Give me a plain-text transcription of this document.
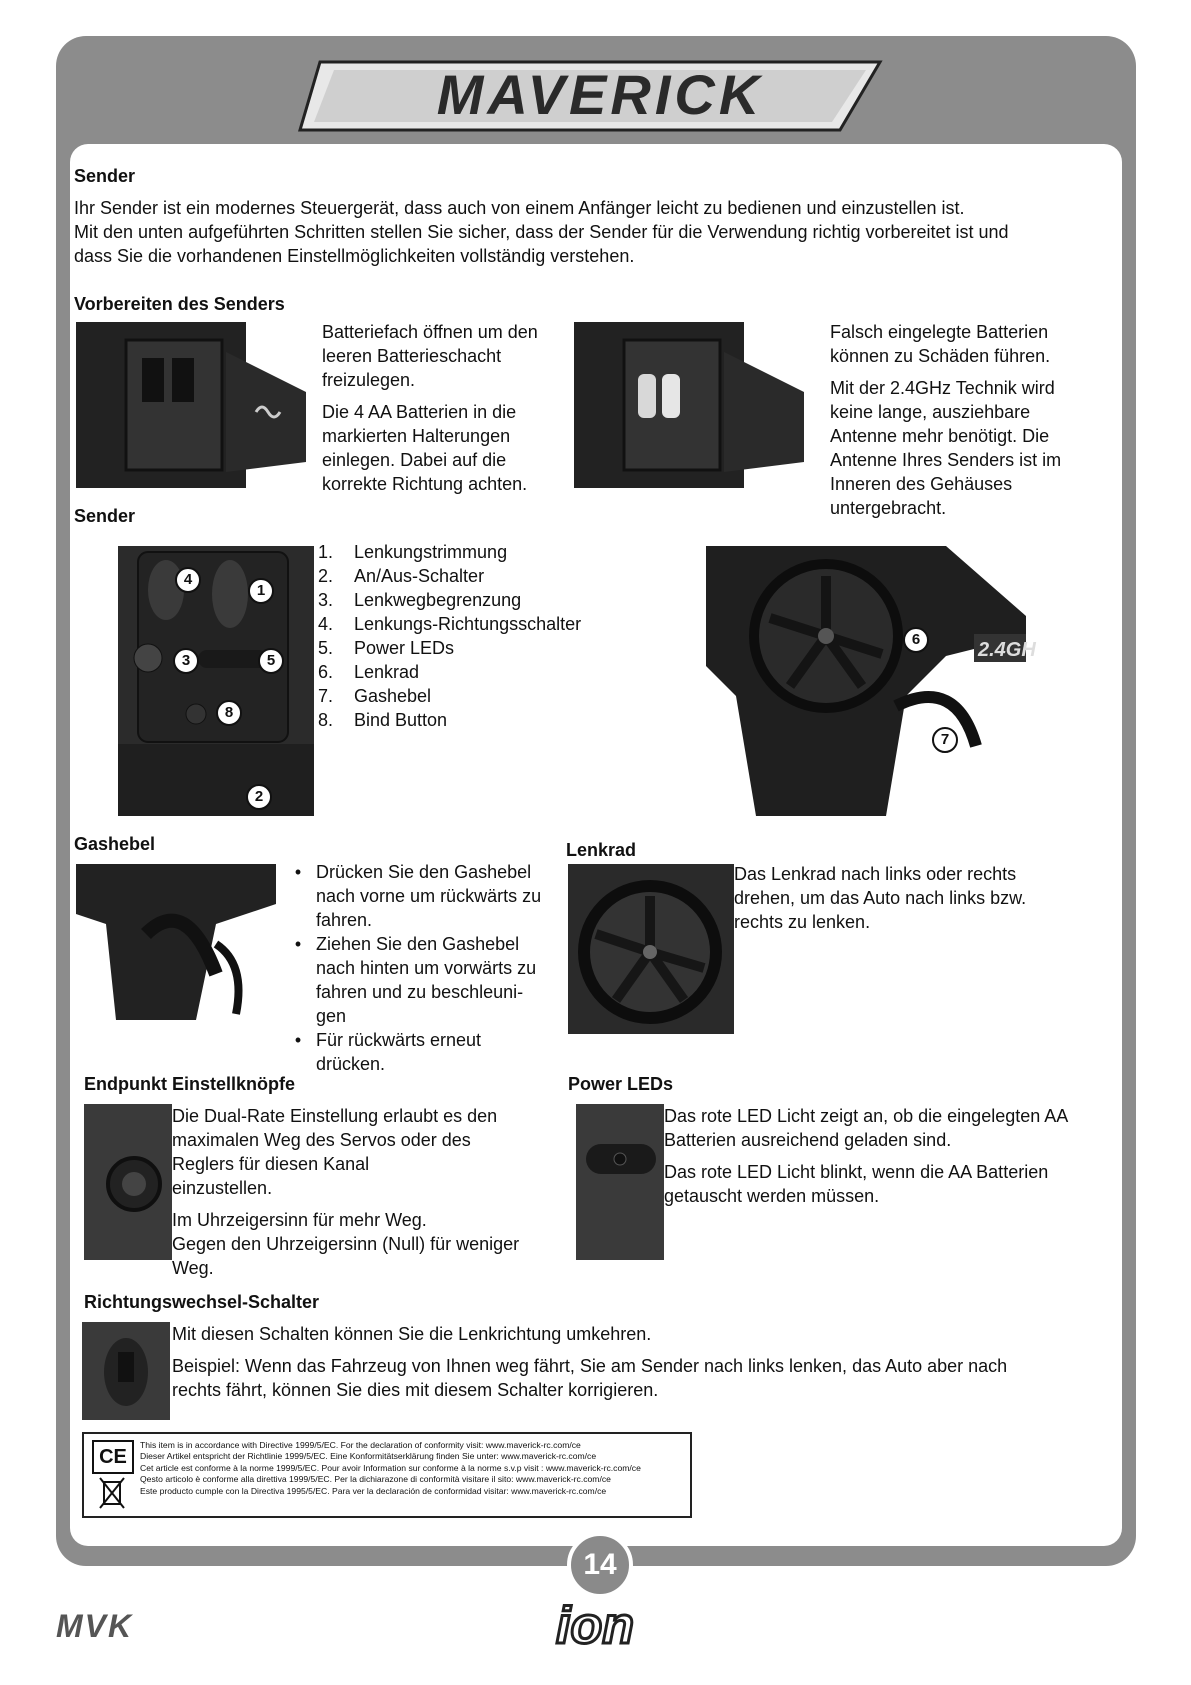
MAVERICK
Sender
Ihr Sender ist ein modernes Steuergerät, dass auch von einem Anfänger leicht zu bedienen und einzustellen ist.
Mit den unten aufgeführten Schritten stellen Sie sicher, dass der Sender für die Verwendung richtig vorbereitet ist und
dass Sie die vorhandenen Einstellmöglichkeiten vollständig verstehen.
Vorbereiten des Senders
Batteriefach öffnen um den
leeren Batterieschacht
freizulegen.
Die 4 AA Batterien in die
markierten Halterungen
einlegen. Dabei auf die
korrekte Richtung achten.
Falsch eingelegte Batterien
können zu Schäden führen.
Mit der 2.4GHz Technik wird
keine lange, ausziehbare
Antenne mehr benötigt. Die
Antenne Ihres Senders ist im
Inneren des Gehäuses
untergebracht.
Sender
4
1
3	5
8
2
1. Lenkungstrimmung
2. An/Aus-Schalter
3. Lenkwegbegrenzung
4. Lenkungs-Richtungsschalter
5. Power LEDs
6. Lenkrad
7. Gashebel
8. Bind Button
2.4GH
6
7
Gashebel
• Drücken Sie den Gashebel
nach vorne um rückwärts zu
fahren.
• Ziehen Sie den Gashebel
nach hinten um vorwärts zu
fahren und zu beschleuni-
gen
• Für rückwärts erneut
drücken.
Lenkrad
Das Lenkrad nach links oder rechts
drehen, um das Auto nach links bzw.
rechts zu lenken.
Endpunkt Einstellknöpfe
Die Dual-Rate Einstellung erlaubt es den
maximalen Weg des Servos oder des
Reglers für diesen Kanal
einzustellen.
Im Uhrzeigersinn für mehr Weg.
Gegen den Uhrzeigersinn (Null) für weniger
Weg.
Power LEDs
Das rote LED Licht zeigt an, ob die eingelegten AA
Batterien ausreichend geladen sind.
Das rote LED Licht blinkt, wenn die AA Batterien
getauscht werden müssen.
Richtungswechsel-Schalter
Mit diesen Schalten können Sie die Lenkrichtung umkehren.
Beispiel: Wenn das Fahrzeug von Ihnen weg fährt, Sie am Sender nach links lenken, das Auto aber nach
rechts fährt, können Sie dies mit diesem Schalter korrigieren.
CE
This item is in accordance with Directive 1999/5/EC. For the declaration of conformity visit: www.maverick-rc.com/ce
Dieser Artikel entspricht der Richtlinie 1999/5/EC. Eine Konformitätserklärung finden Sie unter: www.maverick-rc.com/ce
Cet article est conforme à la norme 1999/5/EC. Pour avoir Information sur conforme à la norme s.v.p visit : www.maverick-rc.com/ce
Qesto articolo è conforme alla direttiva 1999/5/EC. Per la dichiarazone di conformità visitare il sito: www.maverick-rc.com/ce
Este producto cumple con la Directiva 1995/5/EC. Para ver la declaración de conformidad visitar: www.maverick-rc.com/ce
14
MVK	ion
